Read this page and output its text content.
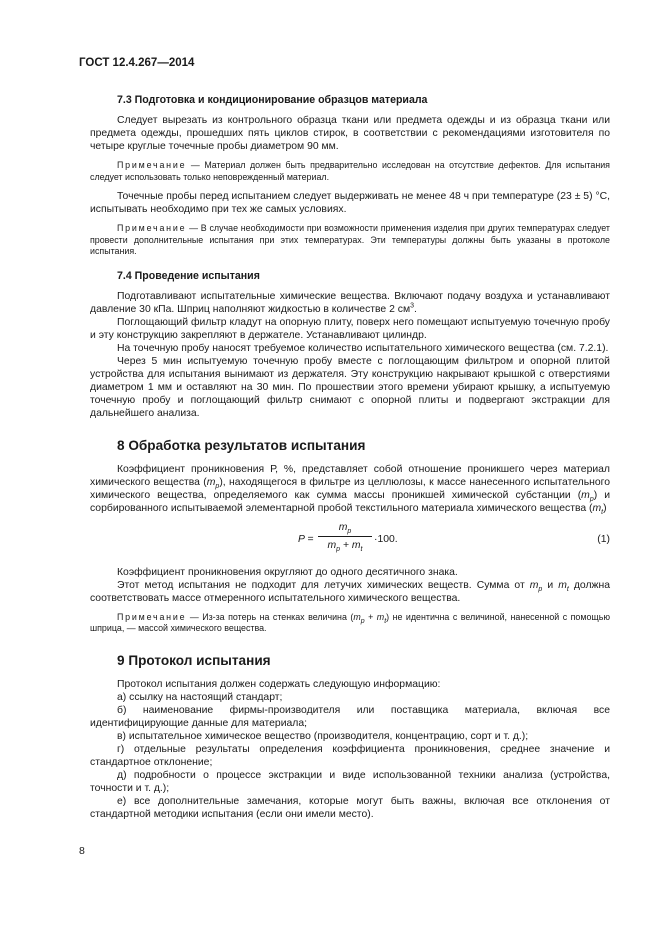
ГОСТ 12.4.267—2014

7.3 Подготовка и кондиционирование образцов материала

Следует вырезать из контрольного образца ткани или предмета одежды и из образца ткани или предмета одежды, прошедших пять циклов стирок, в соответствии с рекомендациями изготовителя по четыре круглые точечные пробы диаметром 90 мм.

Примечание — Материал должен быть предварительно исследован на отсутствие дефектов. Для испытания следует использовать только неповрежденный материал.

Точечные пробы перед испытанием следует выдерживать не менее 48 ч при температуре (23 ± 5) °С, испытывать необходимо при тех же самых условиях.

Примечание — В случае необходимости при возможности применения изделия при других температурах следует провести дополнительные испытания при этих температурах. Эти температуры должны быть указаны в протоколе испытания.

7.4 Проведение испытания

Подготавливают испытательные химические вещества. Включают подачу воздуха и устанавливают давление 30 кПа. Шприц наполняют жидкостью в количестве 2 $см^3$.

Поглощающий фильтр кладут на опорную плиту, поверх него помещают испытуемую точечную пробу и эту конструкцию закрепляют в держателе. Устанавливают цилиндр.

На точечную пробу наносят требуемое количество испытательного химического вещества (см. 7.2.1).

Через 5 мин испытуемую точечную пробу вместе с поглощающим фильтром и опорной плитой устройства для испытания вынимают из держателя. Эту конструкцию накрывают крышкой с отверстиями диаметром 1 мм и оставляют на 30 мин. По прошествии этого времени убирают крышку, а испытуемую точечную пробу и поглощающий фильтр снимают с опорной плиты и подвергают экстракции для дальнейшего анализа.

8 Обработка результатов испытания

Коэффициент проникновения Р, %, представляет собой отношение проникшего через материал химического вещества $(m_p)$, находящегося в фильтре из целлюлозы, к массе нанесенного испытательного химического вещества, определяемого как сумма массы проникшей химической субстанции $(m_p)$ и сорбированного испытываемой элементарной пробой текстильного материала химического вещества $(m_t)$

P =
$m_p$
$m_p + m_t$
·100.	(1)

Коэффициент проникновения округляют до одного десятичного знака.

Этот метод испытания не подходит для летучих химических веществ. Сумма от $m_p$ и $m_t$ должна соответствовать массе отмеренного испытательного химического вещества.

Примечание — Из-за потерь на стенках величина $(m_p + m_t)$ не идентична с величиной, нанесенной с помощью шприца, — массой химического вещества.

9 Протокол испытания

Протокол испытания должен содержать следующую информацию:

а) ссылку на настоящий стандарт;

б) наименование фирмы-производителя или поставщика материала, включая все идентифицирующие данные для материала;

в) испытательное химическое вещество (производителя, концентрацию, сорт и т. д.);

г) отдельные результаты определения коэффициента проникновения, среднее значение и стандартное отклонение;

д) подробности о процессе экстракции и виде использованной техники анализа (устройства, точности и т. д.);

е) все дополнительные замечания, которые могут быть важны, включая все отклонения от стандартной методики испытания (если они имели место).

8
